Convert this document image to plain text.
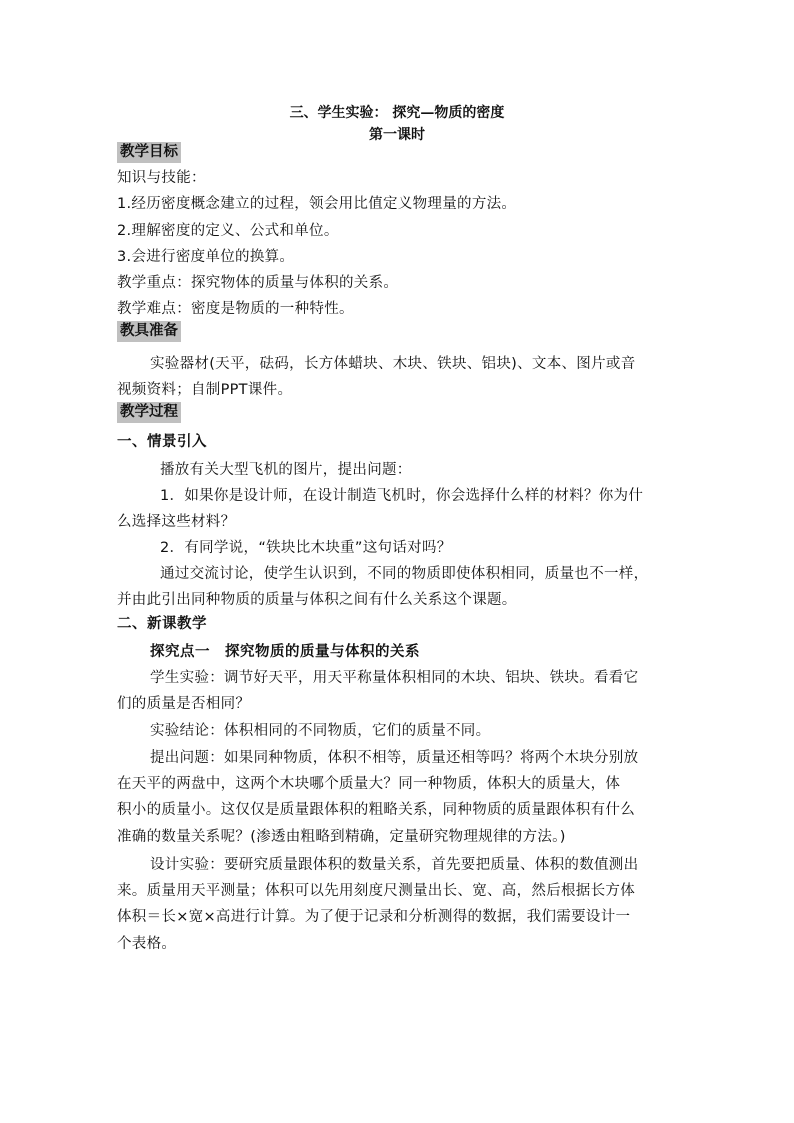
三、学生实验： 探究—物质的密度
第一课时
教学目标
知识与技能：
1.经历密度概念建立的过程，领会用比值定义物理量的方法。
2.理解密度的定义、公式和单位。
3.会进行密度单位的换算。
教学重点：探究物体的质量与体积的关系。
教学难点：密度是物质的一种特性。
教具准备
实验器材(天平，砝码，长方体蜡块、木块、铁块、铝块)、文本、图片或音
视频资料；自制PPT课件。
教学过程
一、情景引入
播放有关大型飞机的图片，提出问题：
1．如果你是设计师，在设计制造飞机时，你会选择什么样的材料？你为什
么选择这些材料？
2．有同学说，“铁块比木块重”这句话对吗？
通过交流讨论，使学生认识到，不同的物质即使体积相同，质量也不一样，
并由此引出同种物质的质量与体积之间有什么关系这个课题。
二、新课教学
探究点一　探究物质的质量与体积的关系
学生实验：调节好天平，用天平称量体积相同的木块、铝块、铁块。看看它
们的质量是否相同？
实验结论：体积相同的不同物质，它们的质量不同。
提出问题：如果同种物质，体积不相等，质量还相等吗？将两个木块分别放
在天平的两盘中，这两个木块哪个质量大？同一种物质，体积大的质量大，体
积小的质量小。这仅仅是质量跟体积的粗略关系，同种物质的质量跟体积有什么
准确的数量关系呢？(渗透由粗略到精确，定量研究物理规律的方法。)
设计实验：要研究质量跟体积的数量关系，首先要把质量、体积的数值测出
来。质量用天平测量；体积可以先用刻度尺测量出长、宽、高，然后根据长方体
体积＝长×宽×高进行计算。为了便于记录和分析测得的数据，我们需要设计一
个表格。
